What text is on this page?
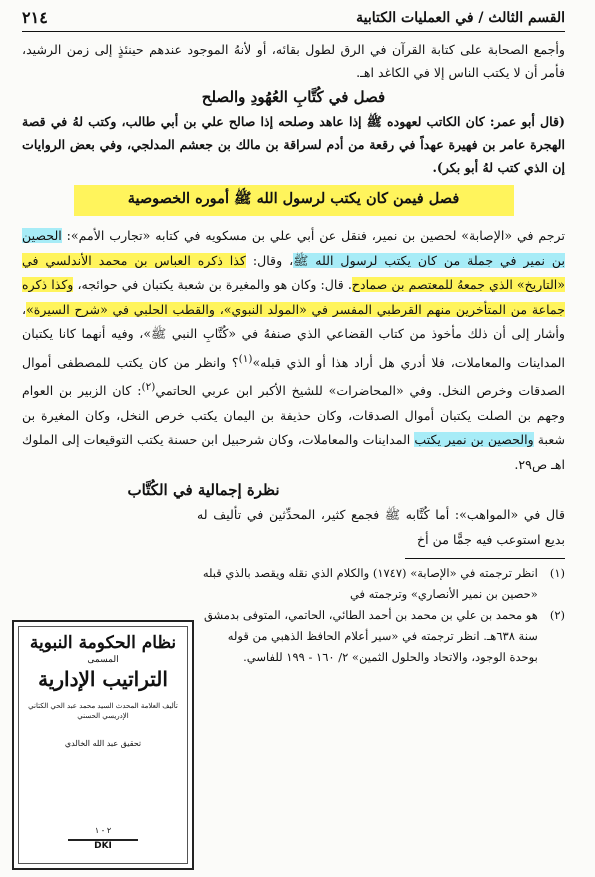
القسم الثالث / في العمليات الكتابية
٢١٤

وأجمع الصحابة على كتابة القرآن في الرق لطول بقائه، أو لأنهُ الموجود عندهم حينئذٍ إلى زمن الرشيد، فأمر أن لا يكتب الناس إلا في الكاغد اهـ.

فصل في كُتَّابِ العُهُودِ والصلح

(قال أبو عمر: كان الكاتب لعهوده ﷺ إذا عاهد وصلحه إذا صالح علي بن أبي طالب، وكتب لهُ في قصة الهجرة عامر بن فهيرة عهداً في رقعة من أدم لسراقة بن مالك بن جعشم المدلجي، وفي بعض الروايات إن الذي كتب لهُ أبو بكر).

فصل فيمن كان يكتب لرسول الله ﷺ أموره الخصوصية
ترجم في «الإصابة» لحصين بن نمير، فنقل عن أبي علي بن مسكويه في كتابه «تجارب الأمم»: الحصين بن نمير في جملة من كان يكتب لرسول الله ﷺ، وقال: كذا ذكره العباس بن محمد الأندلسي في «التاريخ» الذي جمعهُ للمعتصم بن صمادح. قال: وكان هو والمغيرة بن شعبة يكتبان في حوائجه، وكذا ذكره جماعة من المتأخرين منهم القرطبي المفسر في «المولد النبوي»، والقطب الحلبي في «شرح السيرة»، وأشار إلى أن ذلك مأخوذ من كتاب القضاعي الذي صنفهُ في «كُتَّابِ النبي ﷺ»، وفيه أنهما كانا يكتبان المداينات والمعاملات، فلا أدري هل أراد هذا أو الذي قبله»$^{(١)}$؟ وانظر من كان يكتب للمصطفى أموال الصدقات وخرص النخل. وفي «المحاضرات» للشيخ الأكبر ابن عربي الحاتمي$^{(٢)}$: كان الزبير بن العوام وجهم بن الصلت يكتبان أموال الصدقات، وكان حذيفة بن اليمان يكتب خرص النخل، وكان المغيرة بن شعبة والحصين بن نمير يكتب المداينات والمعاملات، وكان شرحبيل ابن حسنة يكتب التوقيعات إلى الملوك اهـ ص٢٩.
نظرة إجمالية في الكُتَّاب
قال في «المواهب»: أما كُتَّابه ﷺ فجمع كثير، المحدِّثين في تأليف له بديع استوعب فيه جمًّا من أخ
(١)
انظر ترجمته في «الإصابة» (١٧٤٧) والكلام الذي نقله ويقصد بالذي قبله «حصين بن نمير الأنصاري» وترجمته في
(٢)
هو محمد بن علي بن محمد بن أحمد الطائي، الحاتمي، المتوفى بدمشق سنة ٦٣٨هـ. انظر ترجمته في «سير أعلام الحافظ الذهبي من قوله بوحدة الوجود، والاتحاد والحلول الثمين» ٢/ ١٦٠ - ١٩٩ للفاسي.
نظام الحكومة النبوية
المسمى
التراتيب الإدارية
تأليف العلامة المحدث السيد محمد عبد الحي الكتاني الإدريسي الحسني
تحقيق عبد الله الخالدي
٢ - ١
DKI
